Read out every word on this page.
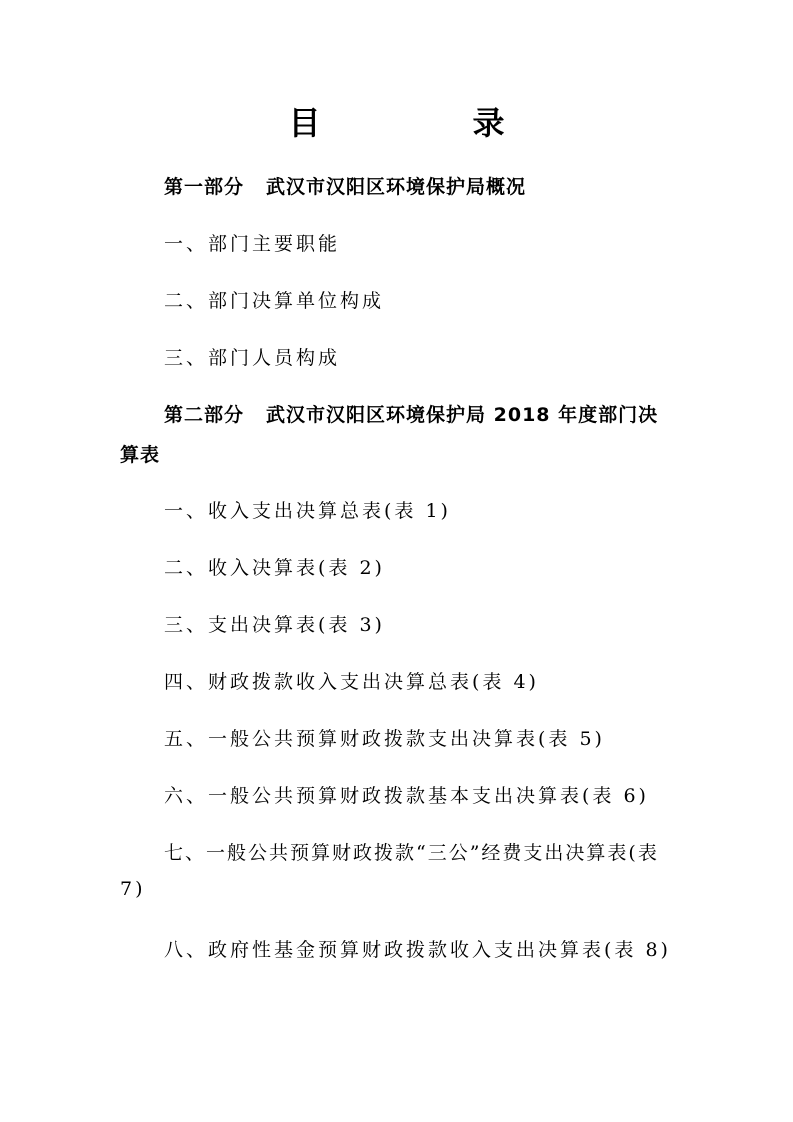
目　录
第一部分 武汉市汉阳区环境保护局概况
一、部门主要职能
二、部门决算单位构成
三、部门人员构成
第二部分 武汉市汉阳区环境保护局 2018 年度部门决
算表
一、收入支出决算总表(表 1)
二、收入决算表(表 2)
三、支出决算表(表 3)
四、财政拨款收入支出决算总表(表 4)
五、一般公共预算财政拨款支出决算表(表 5)
六、一般公共预算财政拨款基本支出决算表(表 6)
七、一般公共预算财政拨款“三公”经费支出决算表(表
7)
八、政府性基金预算财政拨款收入支出决算表(表 8)
